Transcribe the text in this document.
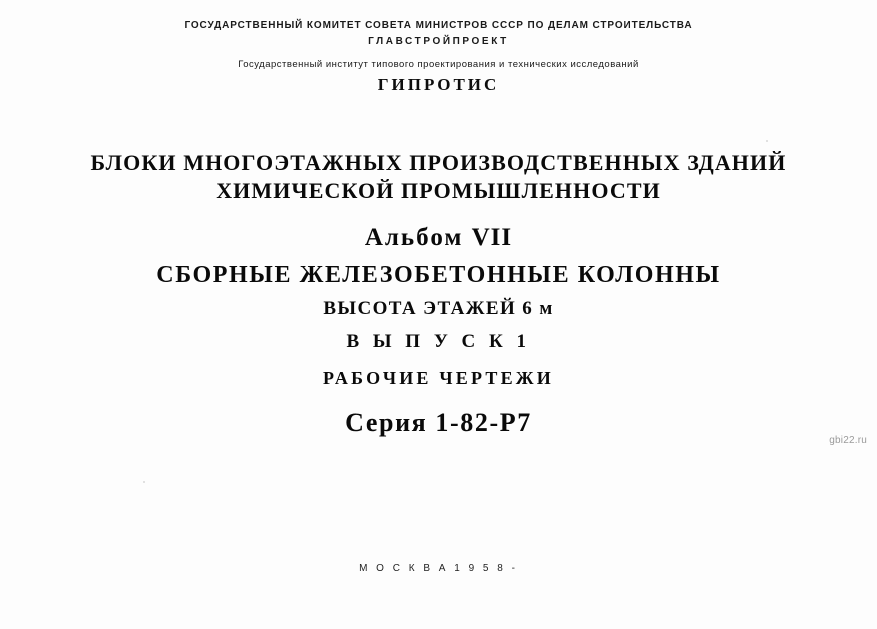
ГОСУДАРСТВЕННЫЙ КОМИТЕТ СОВЕТА МИНИСТРОВ СССР ПО ДЕЛАМ СТРОИТЕЛЬСТВА
ГЛАВСТРОЙПРОЕКТ
Государственный институт типового проектирования и технических исследований
ГИПРОТИС
БЛОКИ МНОГОЭТАЖНЫХ ПРОИЗВОДСТВЕННЫХ ЗДАНИЙ
ХИМИЧЕСКОЙ ПРОМЫШЛЕННОСТИ
Альбом VII
СБОРНЫЕ ЖЕЛЕЗОБЕТОННЫЕ КОЛОННЫ
ВЫСОТА ЭТАЖЕЙ 6 м
В Ы П У С К 1
РАБОЧИЕ ЧЕРТЕЖИ
Серия 1-82-Р7
М О С К В А 1 9 5 8 -
gbi22.ru
